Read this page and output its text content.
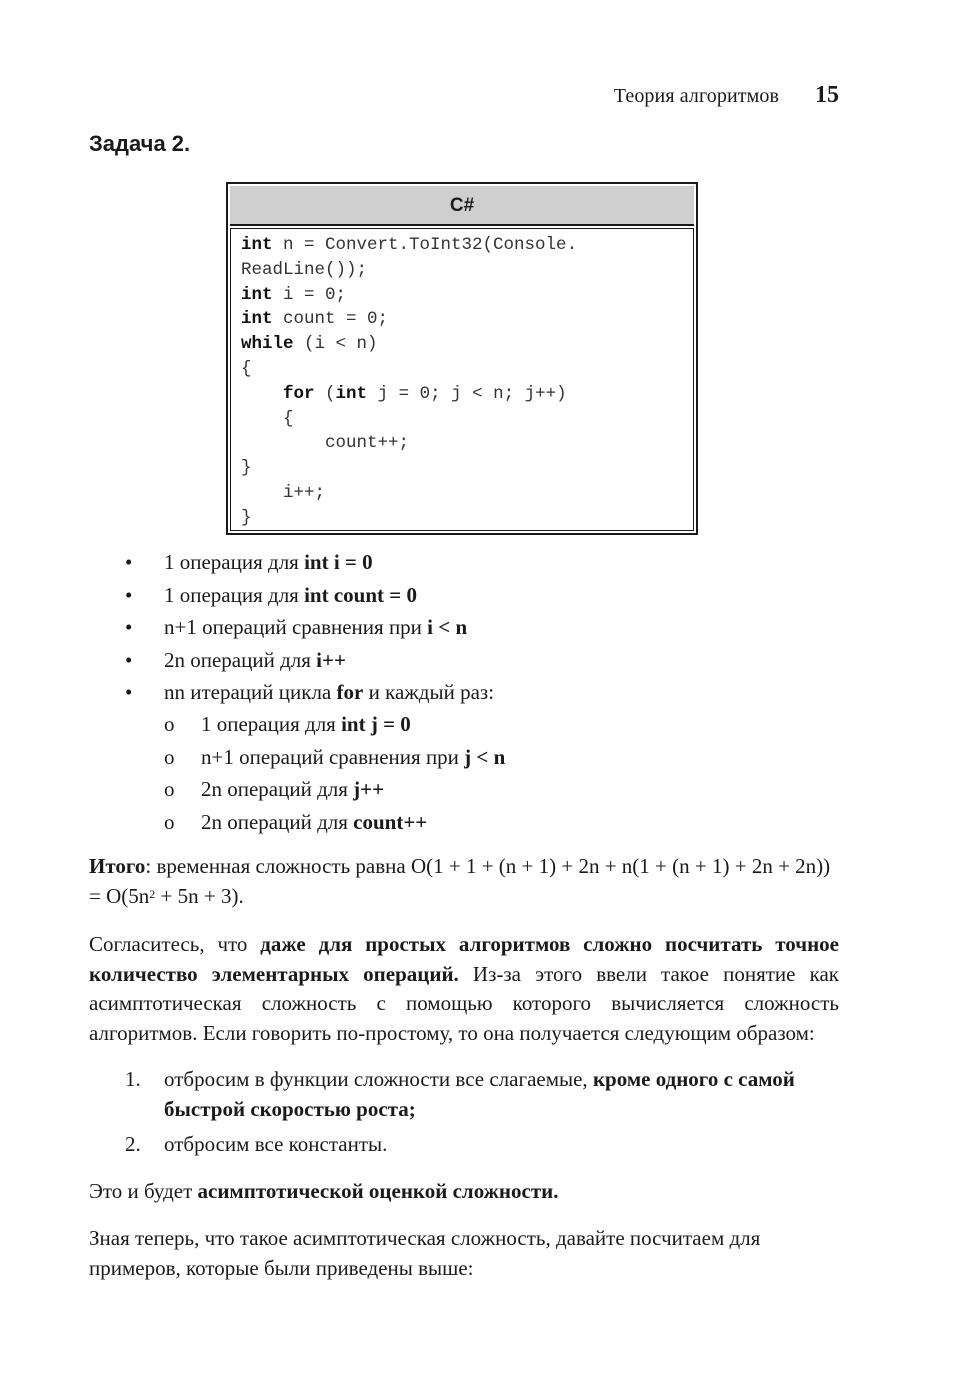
Теория алгоритмов 15
Задача 2.
C#
int n = Convert.ToInt32(Console.
ReadLine());
int i = 0;
int count = 0;
while (i < n)
{
for (int j = 0; j < n; j++)
{
count++;
}
i++;
}
• 1 операция для int i = 0
• 1 операция для int count = 0
• n+1 операций сравнения при i < n
• 2n операций для i++
• nn итераций цикла for и каждый раз:
o 1 операция для int j = 0
o n+1 операций сравнения при j < n
o 2n операций для j++
o 2n операций для count++
Итого: временная сложность равна $O(1 + 1 + (n + 1) + 2n + n(1 + (n + 1) + 2n + 2n)) = O(5n^2 + 5n + 3)$.
Согласитесь, что даже для простых алгоритмов сложно посчитать точное количество элементарных операций. Из-за этого ввели такое понятие как асимптотическая сложность с помощью которого вычисляется сложность алгоритмов. Если говорить по-простому, то она получается следующим образом:
1. отбросим в функции сложности все слагаемые, кроме одного с самой быстрой скоростью роста;
2. отбросим все константы.
Это и будет асимптотической оценкой сложности.
Зная теперь, что такое асимптотическая сложность, давайте посчитаем для примеров, которые были приведены выше:
